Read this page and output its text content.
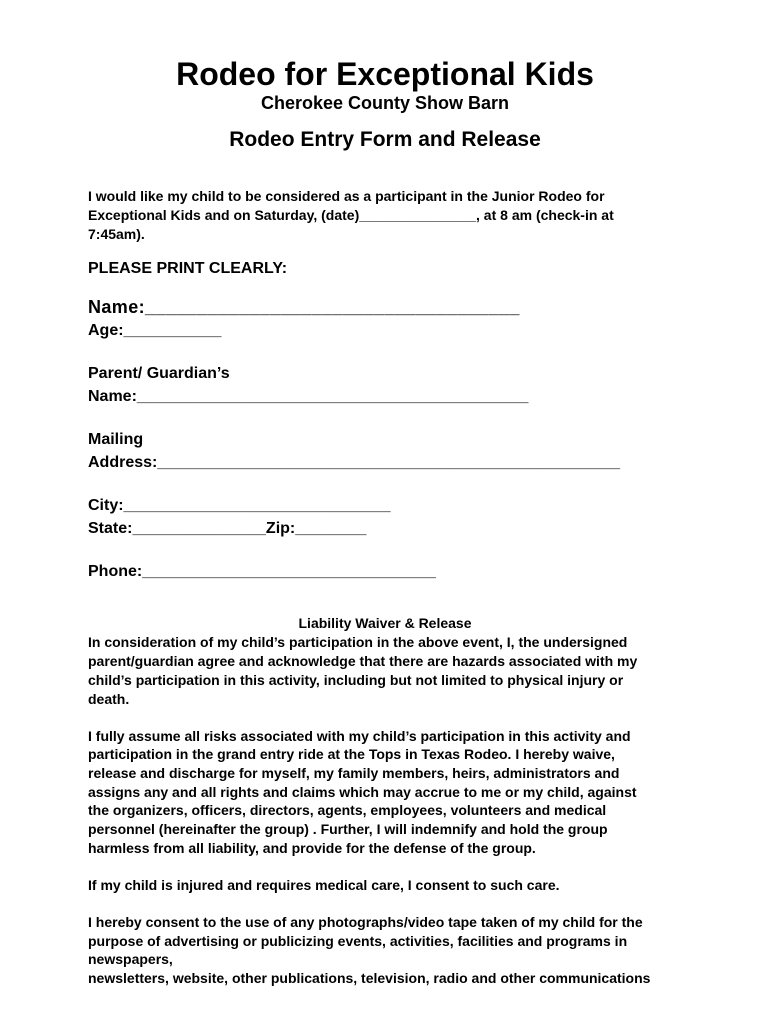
Rodeo for Exceptional Kids
Cherokee County Show Barn
Rodeo Entry Form and Release
I would like my child to be considered as a participant in the Junior Rodeo for
Exceptional Kids and on Saturday, (date)_______________, at 8 am (check-in at
7:45am).
PLEASE PRINT CLEARLY:
Name:____________________________________
Age:___________
Parent/ Guardian’s
Name:____________________________________________
Mailing
Address:____________________________________________________
City:______________________________
State:_______________Zip:________
Phone:_________________________________
Liability Waiver & Release
In consideration of my child’s participation in the above event, I, the undersigned
parent/guardian agree and acknowledge that there are hazards associated with my
child’s participation in this activity, including but not limited to physical injury or
death.
I fully assume all risks associated with my child’s participation in this activity and
participation in the grand entry ride at the Tops in Texas Rodeo. I hereby waive,
release and discharge for myself, my family members, heirs, administrators and
assigns any and all rights and claims which may accrue to me or my child, against
the organizers, officers, directors, agents, employees, volunteers and medical
personnel (hereinafter the group) . Further, I will indemnify and hold the group
harmless from all liability, and provide for the defense of the group.
If my child is injured and requires medical care, I consent to such care.
I hereby consent to the use of any photographs/video tape taken of my child for the
purpose of advertising or publicizing events, activities, facilities and programs in
newspapers,
newsletters, website, other publications, television, radio and other communications
